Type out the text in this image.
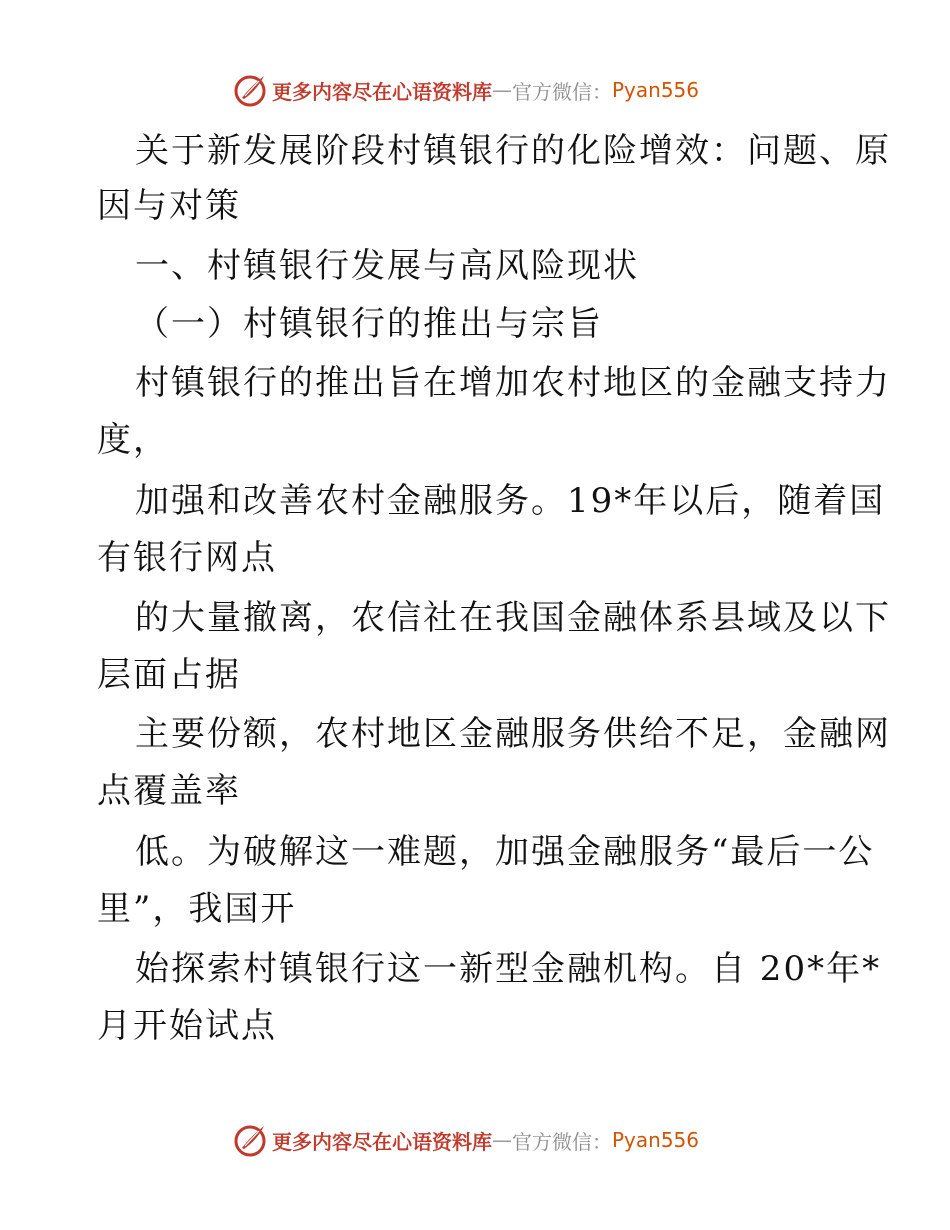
更多内容尽在心语资料库 — 官方微信： Pyan556
关于新发展阶段村镇银行的化险增效：问题、原
因与对策
一、村镇银行发展与高风险现状
（一）村镇银行的推出与宗旨
村镇银行的推出旨在增加农村地区的金融支持力
度，
加强和改善农村金融服务。19*年以后，随着国
有银行网点
的大量撤离，农信社在我国金融体系县域及以下
层面占据
主要份额，农村地区金融服务供给不足，金融网
点覆盖率
低。为破解这一难题，加强金融服务“最后一公
里”，我国开
始探索村镇银行这一新型金融机构。自 20*年*
月开始试点
更多内容尽在心语资料库 — 官方微信： Pyan556
